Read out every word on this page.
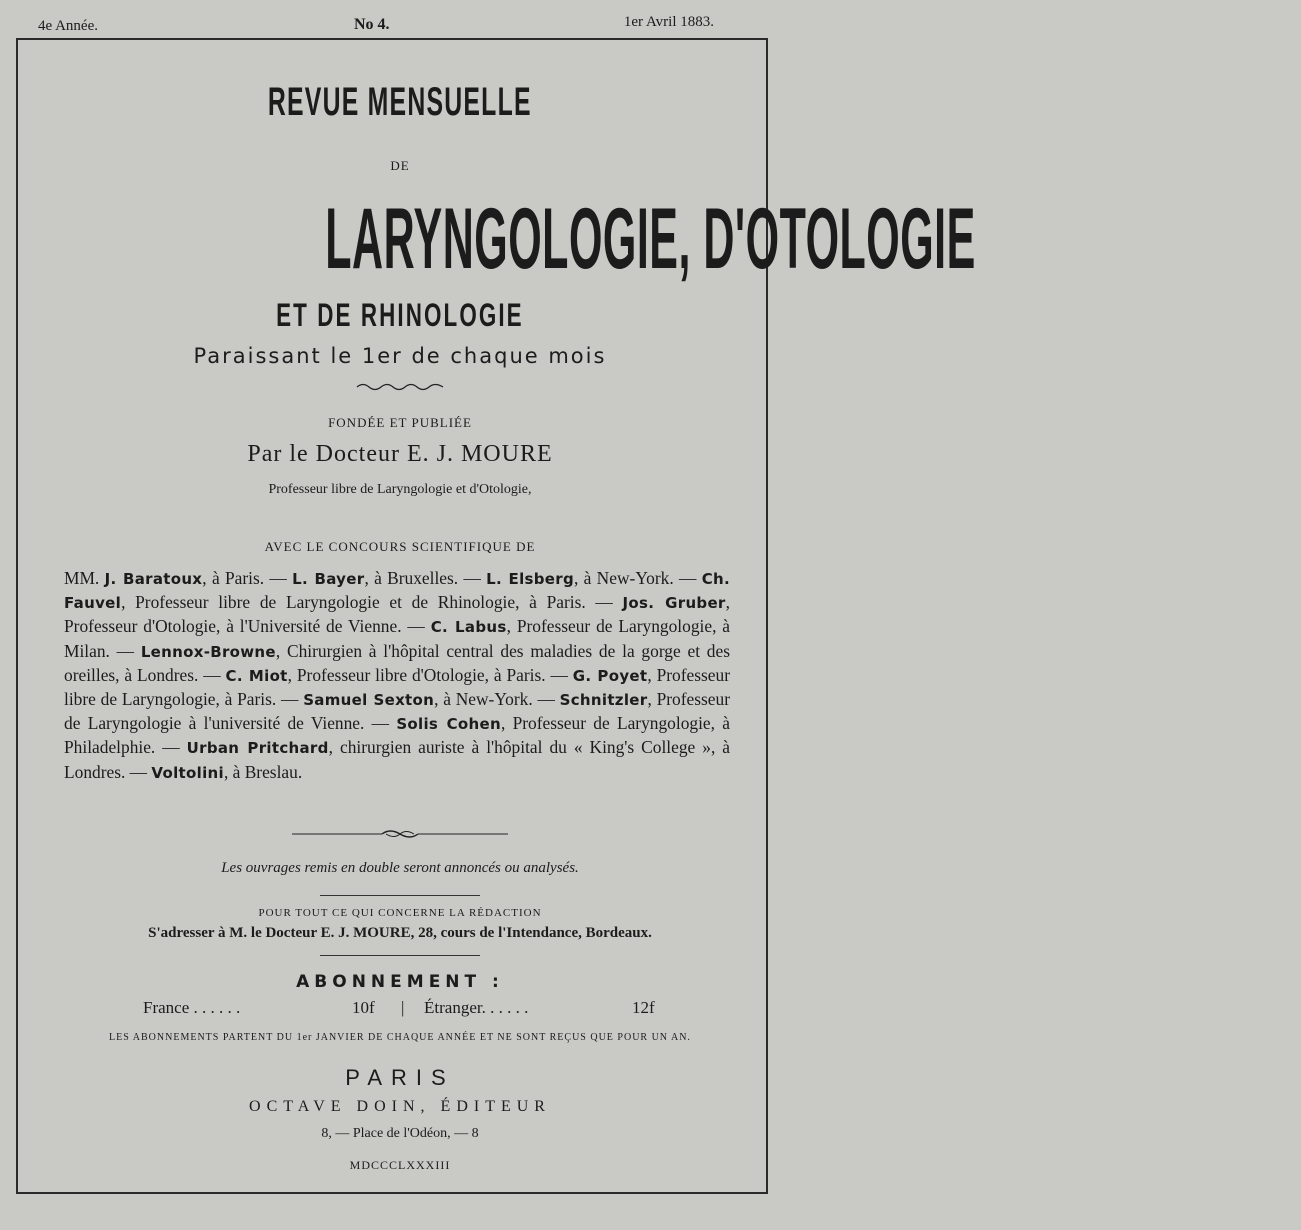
4e Année.	No 4.	1er Avril 1883.
REVUE MENSUELLE
DE
LARYNGOLOGIE, D'OTOLOGIE
ET DE RHINOLOGIE
Paraissant le 1er de chaque mois
FONDÉE ET PUBLIÉE
Par le Docteur E. J. MOURE
Professeur libre de Laryngologie et d'Otologie,
AVEC LE CONCOURS SCIENTIFIQUE DE
MM. J. Baratoux, à Paris. — L. Bayer, à Bruxelles. — L. Elsberg, à New-York. — Ch. Fauvel, Professeur libre de Laryngologie et de Rhinologie, à Paris. — Jos. Gruber, Professeur d'Otologie, à l'Université de Vienne. — C. Labus, Professeur de Laryngologie, à Milan. — Lennox-Browne, Chirurgien à l'hôpital central des maladies de la gorge et des oreilles, à Londres. — C. Miot, Professeur libre d'Otologie, à Paris. — G. Poyet, Professeur libre de Laryngologie, à Paris. — Samuel Sexton, à New-York. — Schnitzler, Professeur de Laryngologie à l'université de Vienne. — Solis Cohen, Professeur de Laryngologie, à Philadelphie. — Urban Pritchard, chirurgien auriste à l'hôpital du « King's College », à Londres. — Voltolini, à Breslau.
Les ouvrages remis en double seront annoncés ou analysés.
POUR TOUT CE QUI CONCERNE LA RÉDACTION
S'adresser à M. le Docteur E. J. MOURE, 28, cours de l'Intendance, Bordeaux.
ABONNEMENT :
France . . . . . .	10f | Étranger. . . . . .	12f
LES ABONNEMENTS PARTENT DU 1er JANVIER DE CHAQUE ANNÉE ET NE SONT REÇUS QUE POUR UN AN.
PARIS
OCTAVE DOIN, ÉDITEUR
8, — Place de l'Odéon, — 8
MDCCCLXXXIII
